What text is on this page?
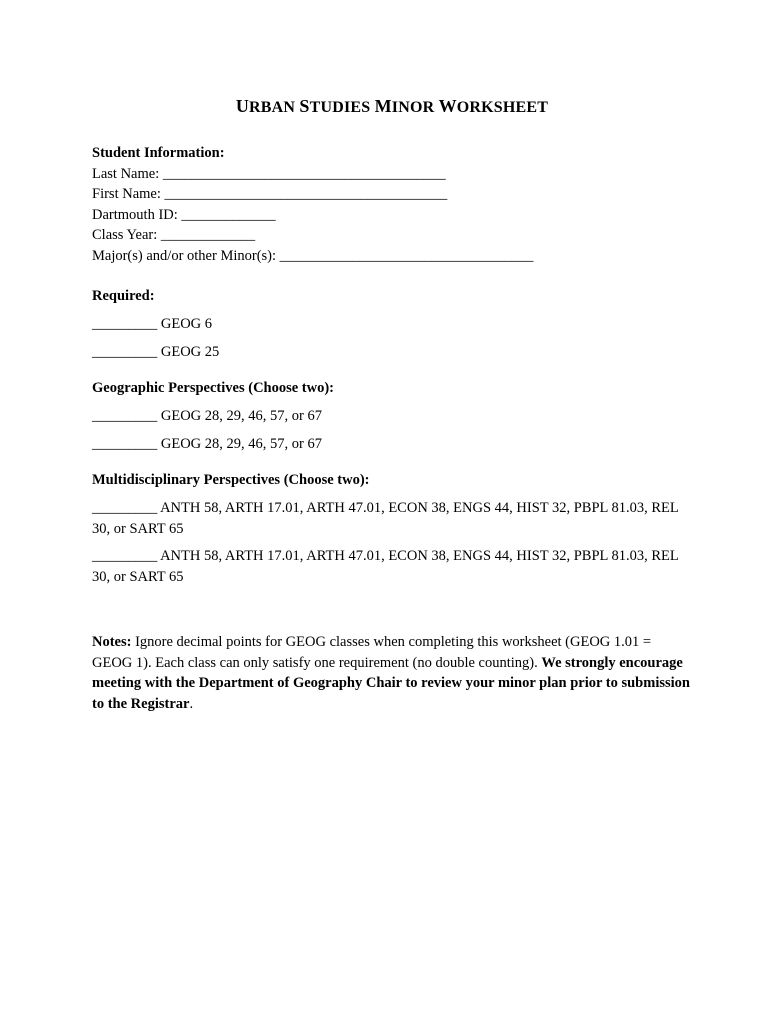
URBAN STUDIES MINOR WORKSHEET
Student Information:
Last Name: _______________________________________
First Name: _______________________________________
Dartmouth ID: _____________
Class Year: _____________
Major(s) and/or other Minor(s): ___________________________________
Required:
_________ GEOG 6
_________ GEOG 25
Geographic Perspectives (Choose two):
_________ GEOG 28, 29, 46, 57, or 67
_________ GEOG 28, 29, 46, 57, or 67
Multidisciplinary Perspectives (Choose two):
_________ ANTH 58, ARTH 17.01, ARTH 47.01, ECON 38, ENGS 44, HIST 32, PBPL 81.03, REL 30, or SART 65
_________ ANTH 58, ARTH 17.01, ARTH 47.01, ECON 38, ENGS 44, HIST 32, PBPL 81.03, REL 30, or SART 65
Notes: Ignore decimal points for GEOG classes when completing this worksheet (GEOG 1.01 = GEOG 1). Each class can only satisfy one requirement (no double counting). We strongly encourage meeting with the Department of Geography Chair to review your minor plan prior to submission to the Registrar.
